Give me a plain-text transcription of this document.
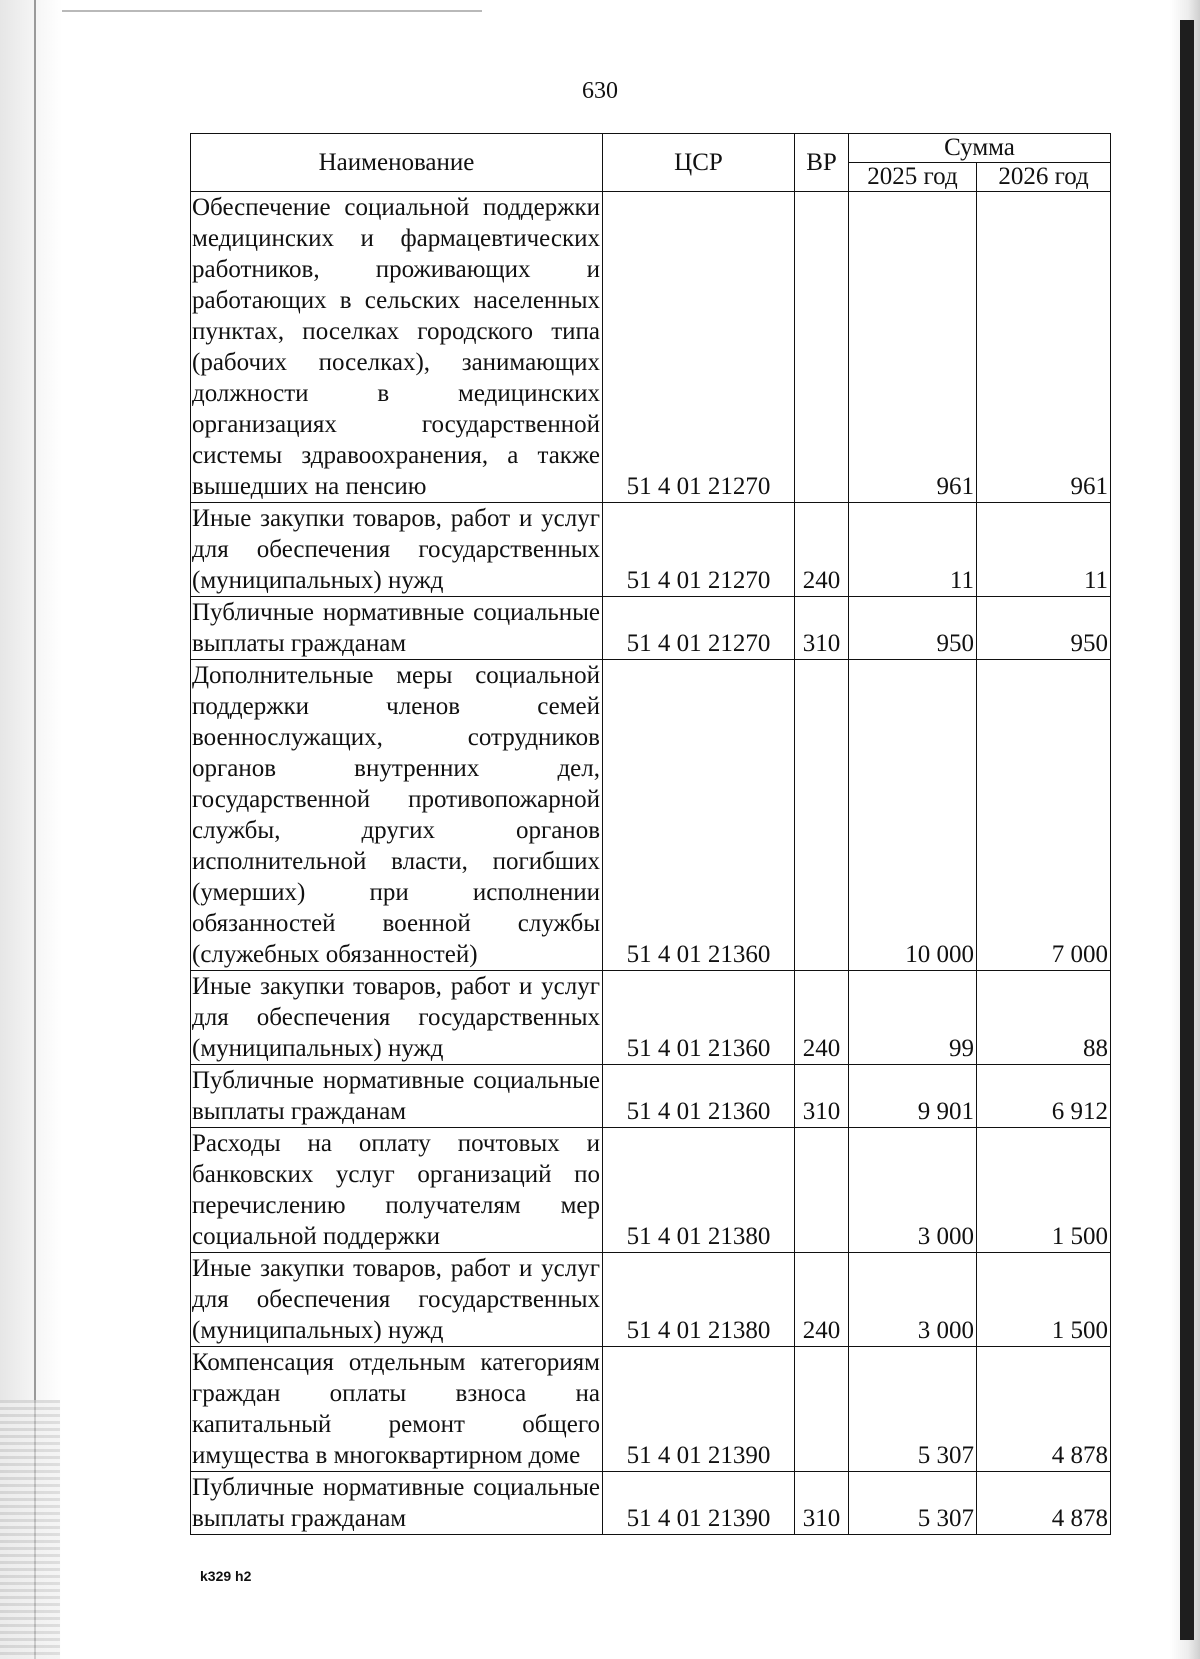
630
Наименование	ЦСР	ВР	Сумма	
			2025 год	2026 год
Обеспечение социальной поддержки медицинских и фармацевтических работников, проживающих и работающих в сельских населенных пунктах, поселках городского типа (рабочих поселках), занимающих должности в медицинских организациях государственной системы здравоохранения, а также вышедших на пенсию	51 4 01 21270		961	961
Иные закупки товаров, работ и услуг для обеспечения государственных (муниципальных) нужд	51 4 01 21270	240	11	11
Публичные нормативные социальные выплаты гражданам	51 4 01 21270	310	950	950
Дополнительные меры социальной поддержки членов семей военнослужащих, сотрудников органов внутренних дел, государственной противопожарной службы, других органов исполнительной власти, погибших (умерших) при исполнении обязанностей военной службы (служебных обязанностей)	51 4 01 21360		10 000	7 000
Иные закупки товаров, работ и услуг для обеспечения государственных (муниципальных) нужд	51 4 01 21360	240	99	88
Публичные нормативные социальные выплаты гражданам	51 4 01 21360	310	9 901	6 912
Расходы на оплату почтовых и банковских услуг организаций по перечислению получателям мер социальной поддержки	51 4 01 21380		3 000	1 500
Иные закупки товаров, работ и услуг для обеспечения государственных (муниципальных) нужд	51 4 01 21380	240	3 000	1 500
Компенсация отдельным категориям граждан оплаты взноса на капитальный ремонт общего имущества в многоквартирном доме	51 4 01 21390		5 307	4 878
Публичные нормативные социальные выплаты гражданам	51 4 01 21390	310	5 307	4 878
k329 h2
